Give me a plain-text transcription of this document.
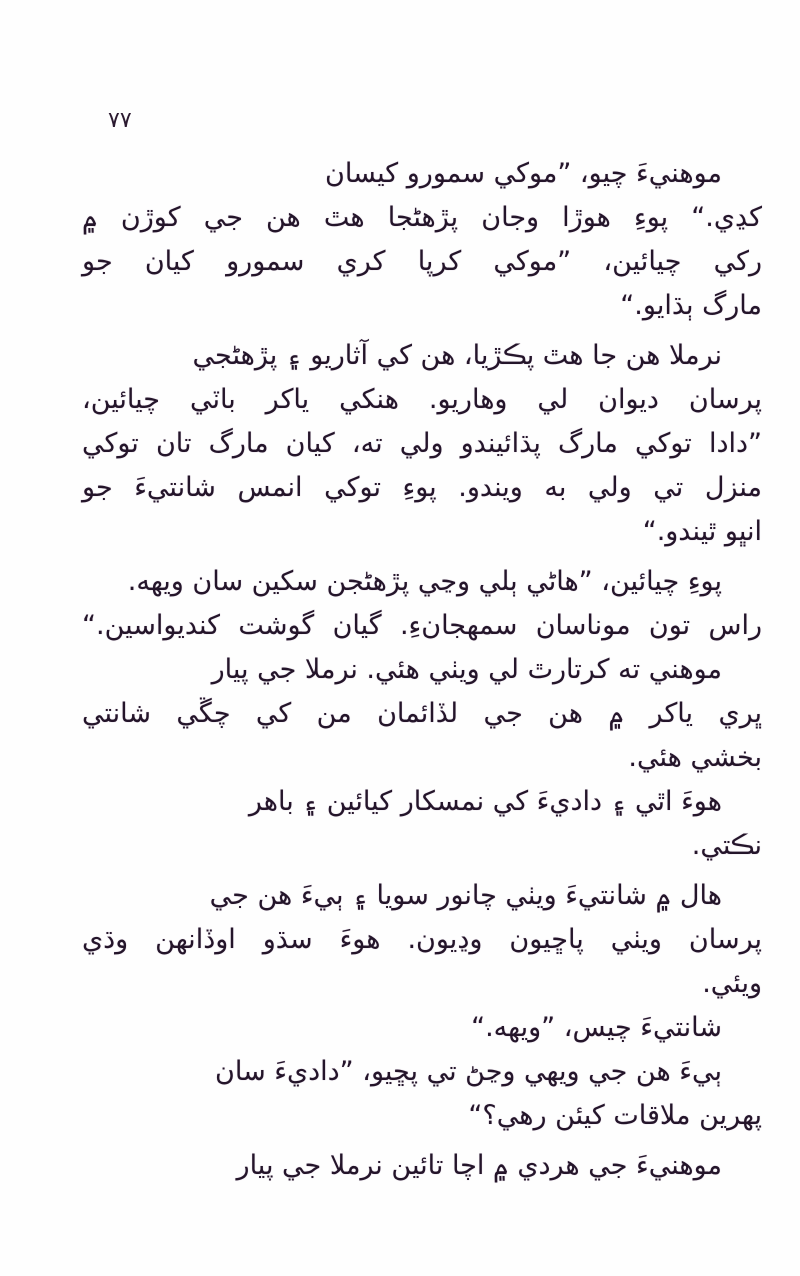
٧٧
موهنيءَ چيو، ”موکي سمورو کيسان
کڍي.“ پوءِ هوڙا وجان پڙهڻجا هٿ هن جي کوڙن ۾
رکي چيائين، ”موکي کرپا کري سمورو کيان جو
مارگ ٻڌايو.“
نرملا هن جا هٿ پڪڙيا، هن کي آثاريو ۽ پڙهڻجي
پرسان ديوان لي وهاريو. هنکي ياکر باٽي چيائين،
”دادا توکي مارگ پڌائيندو ولي ته، کيان مارگ تان توکي
منزل تي ولي به ويندو. پوءِ توکي انمس شانتيءَ جو
انڀو ٿيندو.“
پوءِ چيائين، ”هاڻي ٻلي وڃي پڙهڻجن سکين سان ويهه.
راس تون موناسان سمهجانءِ. گيان گوشت کنديواسين.“
موهني ته کرتارٿ لي ويٺي هئي. نرملا جي پيار
ڀري ياکر ۾ هن جي لڏائمان من کي چڱي شانتي
بخشي هئي.
هوءَ اٿي ۽ داديءَ کي نمسکار کيائين ۽ باهر
نڪتي.
هال ۾ شانتيءَ ويٺي چانور سويا ۽ ٻيءَ هن جي
پرسان ويٺي پاڇيون وڍيون. هوءَ سڌو اوڏانهن وڌي
ويئي.
شانتيءَ چيس، ”ويهه.“
ٻيءَ هن جي ويهي وڃڻ تي پڇيو، ”داديءَ سان
پهرين ملاقات کيئن رهي؟“
موهنيءَ جي هردي ۾ اچا تائين نرملا جي پيار
